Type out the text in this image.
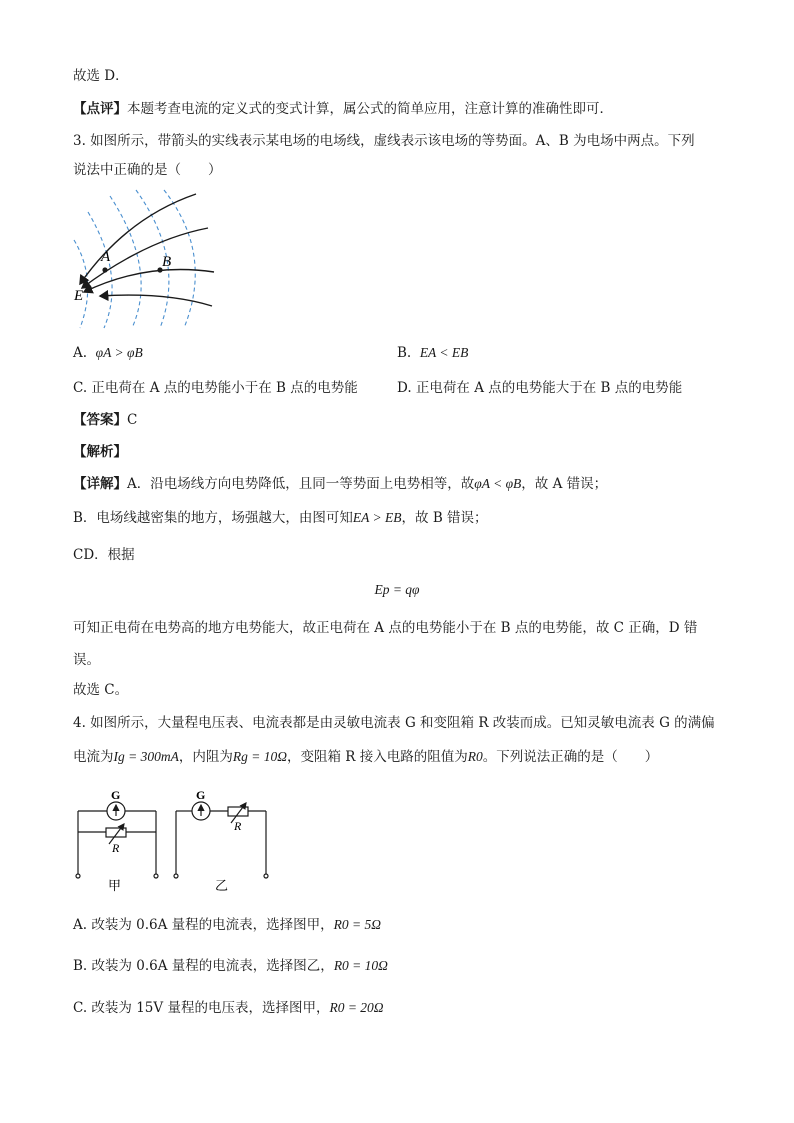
故选 D．
【点评】本题考查电流的定义式的变式计算，属公式的简单应用，注意计算的准确性即可．
3. 如图所示，带箭头的实线表示某电场的电场线，虚线表示该电场的等势面。A、B 为电场中两点。下列
说法中正确的是（　　）
A	B
E
A. φA > φB	B. EA < EB
C. 正电荷在 A 点的电势能小于在 B 点的电势能	D. 正电荷在 A 点的电势能大于在 B 点的电势能
【答案】C
【解析】
【详解】A．沿电场线方向电势降低，且同一等势面上电势相等，故φA < φB，故 A 错误；
B．电场线越密集的地方，场强越大，由图可知EA > EB，故 B 错误；
CD．根据
Ep = qφ
可知正电荷在电势高的地方电势能大，故正电荷在 A 点的电势能小于在 B 点的电势能，故 C 正确，D 错
误。
故选 C。
4. 如图所示，大量程电压表、电流表都是由灵敏电流表 G 和变阻箱 R 改装而成。已知灵敏电流表 G 的满偏
电流为Ig = 300mA，内阻为Rg = 10Ω，变阻箱 R 接入电路的阻值为R0。下列说法正确的是（　　）
G
R
甲
G
R
乙
A. 改装为 0.6A 量程的电流表，选择图甲，R0 = 5Ω
B. 改装为 0.6A 量程的电流表，选择图乙，R0 = 10Ω
C. 改装为 15V 量程的电压表，选择图甲，R0 = 20Ω
